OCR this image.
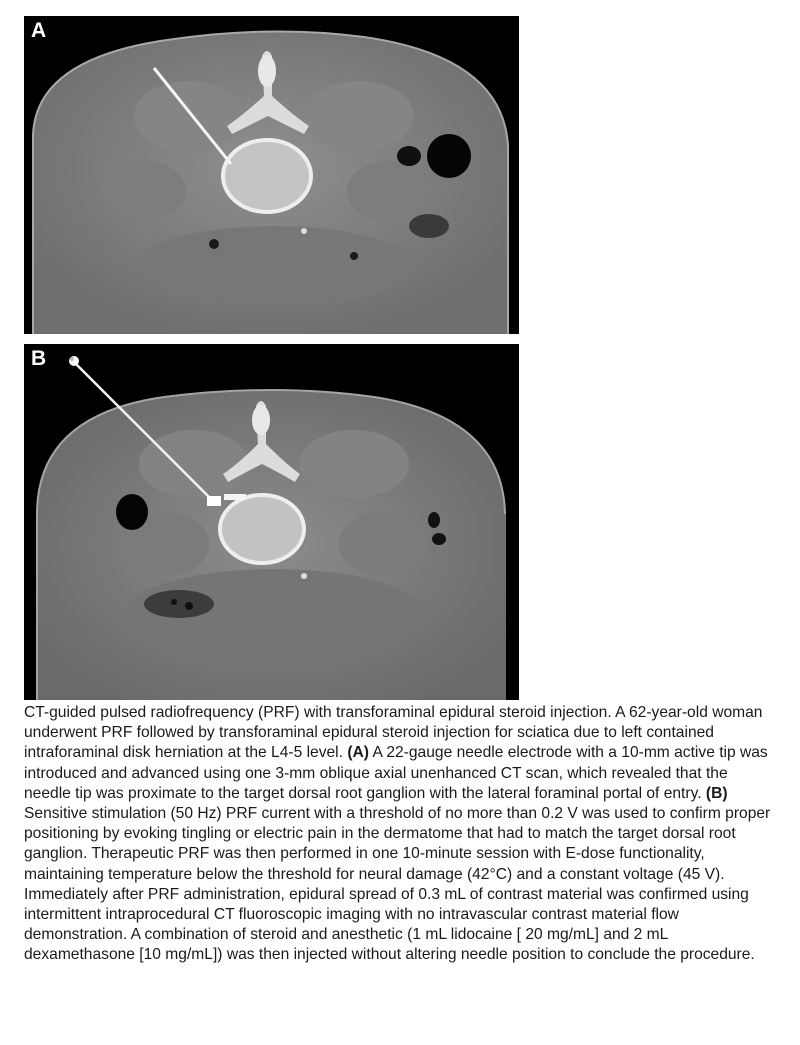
A
B

CT-guided pulsed radiofrequency (PRF) with transforaminal epidural steroid injection. A 62-year-old woman underwent PRF followed by transforaminal epidural steroid injection for sciatica due to left contained intraforaminal disk herniation at the L4-5 level. (A) A 22-gauge needle electrode with a 10-mm active tip was introduced and advanced using one 3-mm oblique axial unenhanced CT scan, which revealed that the needle tip was proximate to the target dorsal root ganglion with the lateral foraminal portal of entry. (B) Sensitive stimulation (50 Hz) PRF current with a threshold of no more than 0.2 V was used to confirm proper positioning by evoking tingling or electric pain in the dermatome that had to match the target dorsal root ganglion. Therapeutic PRF was then performed in one 10-minute session with E-dose functionality, maintaining temperature below the threshold for neural damage (42°C) and a constant voltage (45 V). Immediately after PRF administration, epidural spread of 0.3 mL of contrast material was confirmed using intermittent intraprocedural CT fluoroscopic imaging with no intravascular contrast material flow demonstration. A combination of steroid and anesthetic (1 mL lidocaine [ 20 mg/mL] and 2 mL dexamethasone [10 mg/mL]) was then injected without altering needle position to conclude the procedure.
